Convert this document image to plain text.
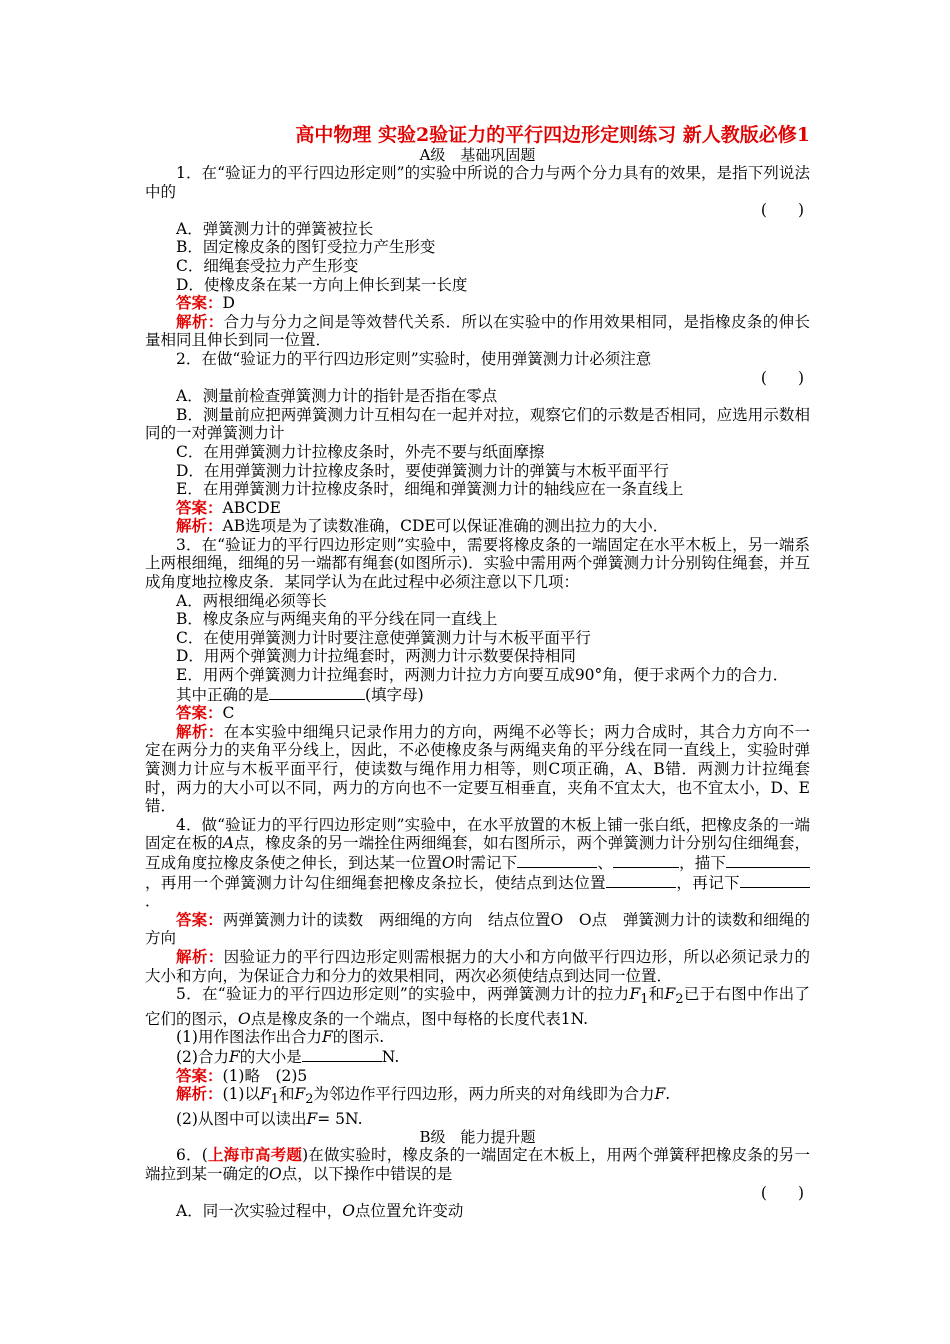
高中物理 实验2验证力的平行四边形定则练习 新人教版必修1
A级　基础巩固题

1．在“验证力的平行四边形定则”的实验中所说的合力与两个分力具有的效果，是指下列说法中的

(　　)

A．弹簧测力计的弹簧被拉长

B．固定橡皮条的图钉受拉力产生形变

C．细绳套受拉力产生形变

D．使橡皮条在某一方向上伸长到某一长度

答案：D

解析：合力与分力之间是等效替代关系．所以在实验中的作用效果相同，是指橡皮条的伸长量相同且伸长到同一位置．

2．在做“验证力的平行四边形定则”实验时，使用弹簧测力计必须注意

(　　)

A．测量前检查弹簧测力计的指针是否指在零点

B．测量前应把两弹簧测力计互相勾在一起并对拉，观察它们的示数是否相同，应选用示数相同的一对弹簧测力计

C．在用弹簧测力计拉橡皮条时，外壳不要与纸面摩擦

D．在用弹簧测力计拉橡皮条时，要使弹簧测力计的弹簧与木板平面平行

E．在用弹簧测力计拉橡皮条时，细绳和弹簧测力计的轴线应在一条直线上

答案：ABCDE

解析：AB选项是为了读数准确，CDE可以保证准确的测出拉力的大小．

3．在“验证力的平行四边形定则”实验中，需要将橡皮条的一端固定在水平木板上，另一端系上两根细绳，细绳的另一端都有绳套(如图所示)．实验中需用两个弹簧测力计分别钩住绳套，并互成角度地拉橡皮条．某同学认为在此过程中必须注意以下几项：

A．两根细绳必须等长

B．橡皮条应与两绳夹角的平分线在同一直线上

C．在使用弹簧测力计时要注意使弹簧测力计与木板平面平行

D．用两个弹簧测力计拉绳套时，两测力计示数要保持相同

E．用两个弹簧测力计拉绳套时，两测力计拉力方向要互成90°角，便于求两个力的合力．

其中正确的是	(填字母)

答案：C

解析：在本实验中细绳只记录作用力的方向，两绳不必等长；两力合成时，其合力方向不一定在两分力的夹角平分线上，因此，不必使橡皮条与两绳夹角的平分线在同一直线上，实验时弹簧测力计应与木板平面平行，使读数与绳作用力相等，则C项正确，A、B错．两测力计拉绳套时，两力的大小可以不同，两力的方向也不一定要互相垂直，夹角不宜太大，也不宜太小，D、E错．

4．做“验证力的平行四边形定则”实验中，在水平放置的木板上铺一张白纸，把橡皮条的一端固定在板的A点，橡皮条的另一端拴住两细绳套，如右图所示，两个弹簧测力计分别勾住细绳套，互成角度拉橡皮条使之伸长，到达某一位置O时需记下	、	，描下，再用一个弹簧测力计勾住细绳套把橡皮条拉长，使结点到达位置	，再记下．

答案：两弹簧测力计的读数　两细绳的方向　结点位置O　O点　弹簧测力计的读数和细绳的方向

解析：因验证力的平行四边形定则需根据力的大小和方向做平行四边形，所以必须记录力的大小和方向，为保证合力和分力的效果相同，两次必须使结点到达同一位置．

5．在“验证力的平行四边形定则”的实验中，两弹簧测力计的拉力$F_1$和$F_2$已于右图中作出了它们的图示，O点是橡皮条的一个端点，图中每格的长度代表1N.

(1)用作图法作出合力F的图示.

(2)合力F的大小是	N.

答案：(1)略　(2)5

解析：(1)以$F_1$和$F_2$为邻边作平行四边形，两力所夹的对角线即为合力F.

(2)从图中可以读出F= 5N.

B级　能力提升题

6．(上海市高考题)在做实验时，橡皮条的一端固定在木板上，用两个弹簧秤把橡皮条的另一端拉到某一确定的O点，以下操作中错误的是

(　　)

A．同一次实验过程中，O点位置允许变动
